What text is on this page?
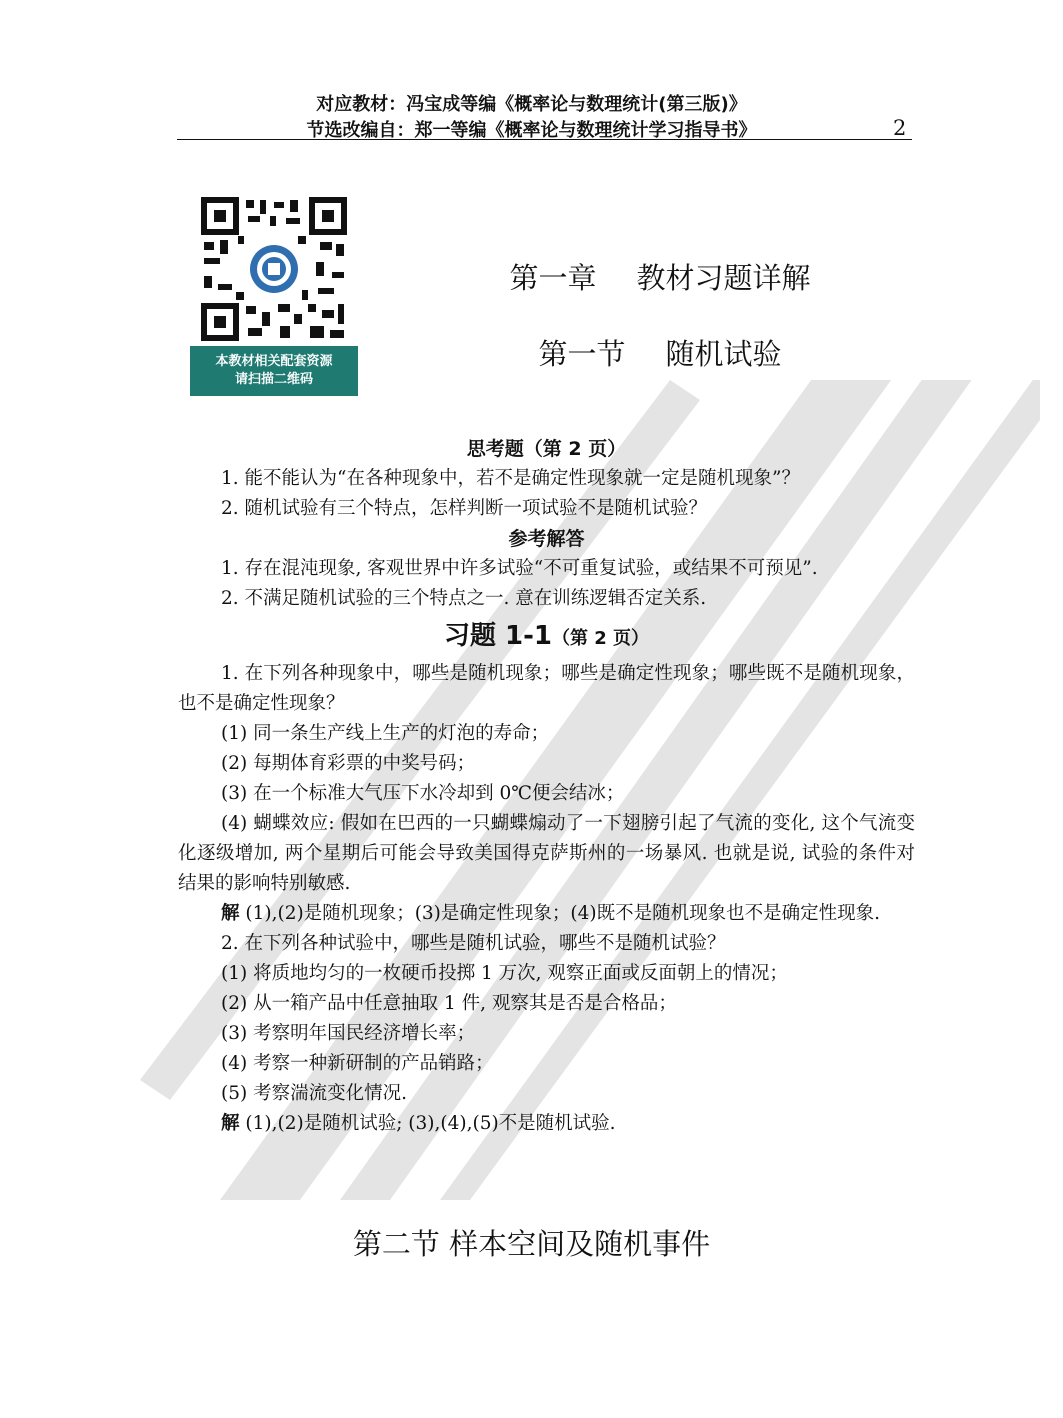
对应教材：冯宝成等编《概率论与数理统计(第三版)》
节选改编自：郑一等编《概率论与数理统计学习指导书》	2
本教材相关配套资源
请扫描二维码
第一章 教材习题详解
第一节 随机试验
思考题（第 2 页）

1. 能不能认为“在各种现象中，若不是确定性现象就一定是随机现象”？

2. 随机试验有三个特点，怎样判断一项试验不是随机试验？

参考解答

1. 存在混沌现象, 客观世界中许多试验“不可重复试验，或结果不可预见”.

2. 不满足随机试验的三个特点之一. 意在训练逻辑否定关系.

习题 1-1（第 2 页）

1. 在下列各种现象中，哪些是随机现象；哪些是确定性现象；哪些既不是随机现象，也不是确定性现象？

(1) 同一条生产线上生产的灯泡的寿命；

(2) 每期体育彩票的中奖号码；

(3) 在一个标准大气压下水冷却到 0℃便会结冰；

(4) 蝴蝶效应: 假如在巴西的一只蝴蝶煽动了一下翅膀引起了气流的变化, 这个气流变化逐级增加, 两个星期后可能会导致美国得克萨斯州的一场暴风. 也就是说, 试验的条件对结果的影响特别敏感.

解 (1),(2)是随机现象；(3)是确定性现象；(4)既不是随机现象也不是确定性现象.

2. 在下列各种试验中，哪些是随机试验，哪些不是随机试验？

(1) 将质地均匀的一枚硬币投掷 1 万次, 观察正面或反面朝上的情况；

(2) 从一箱产品中任意抽取 1 件, 观察其是否是合格品；

(3) 考察明年国民经济增长率；

(4) 考察一种新研制的产品销路；

(5) 考察湍流变化情况.

解 (1),(2)是随机试验; (3),(4),(5)不是随机试验.

第二节 样本空间及随机事件
